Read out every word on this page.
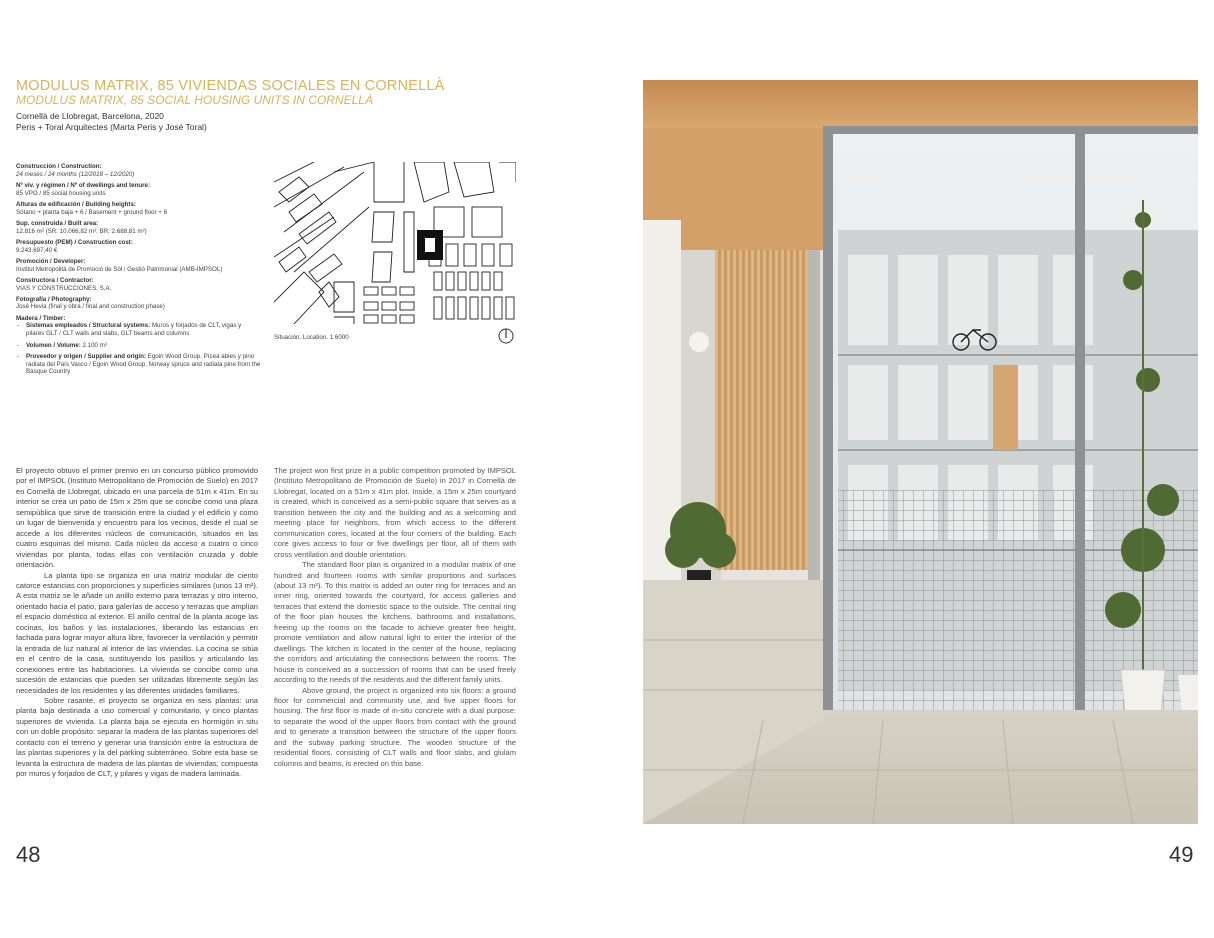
MODULUS MATRIX, 85 VIVIENDAS SOCIALES EN CORNELLÀ
MODULUS MATRIX, 85 SOCIAL HOUSING UNITS IN CORNELLÀ
Cornellà de Llobregat, Barcelona, 2020
Peris + Toral Arquitectes (Marta Peris y José Toral)
Construcción / Construction:
24 meses / 24 months (12/2018 – 12/2020)
Nº viv. y régimen / Nº of dwellings and tenure:
85 VPO / 85 social housing units
Alturas de edificación / Building heights:
Sótano + planta baja + 6 / Basement + ground floor + 6
Sup. construida / Built area:
12.816 m² (SR: 10.066,82 m²; BR: 2.688,81 m²)
Presupuesto (PEM) / Construction cost:
9.243.697,40 €
Promoción / Developer:
Institut Metropolità de Promoció de Sòl i Gestió Patrimonial (AMB-IMPSOL)
Constructora / Contractor:
VIAS Y CONSTRUCCIONES, S.A.
Fotografía / Photography:
José Hevia (final y obra / final and construction phase)
Madera / Timber:
- Sistemas empleados / Structural systems: Muros y forjados de CLT, vigas y pilares GLT / CLT walls and slabs, GLT beams and columns
- Volumen / Volume: 2.100 m³
- Proveedor y origen / Supplier and origin: Egoin Wood Group. Pícea abies y pino radiata del País Vasco / Egoin Wood Group. Norway spruce and radiata pine from the Basque Country
Situación. Location. 1:6000

El proyecto obtuvo el primer premio en un concurso público promovido por el IMPSOL (Instituto Metropolitano de Promoción de Suelo) en 2017 en Cornellà de Llobregat, ubicado en una parcela de 51m x 41m. En su interior se crea un patio de 15m x 25m que se concibe como una plaza semipública que sirve de transición entre la ciudad y el edificio y como un lugar de bienvenida y encuentro para los vecinos, desde el cual se accede a los diferentes núcleos de comunicación, situados en las cuatro esquinas del mismo. Cada núcleo da acceso a cuatro o cinco viviendas por planta, todas ellas con ventilación cruzada y doble orientación.

La planta tipo se organiza en una matriz modular de ciento catorce estancias con proporciones y superficies similares (unos 13 m²). A esta matriz se le añade un anillo externo para terrazas y otro interno, orientado hacia el patio, para galerías de acceso y terrazas que amplían el espacio doméstico al exterior. El anillo central de la planta acoge las cocinas, los baños y las instalaciones, liberando las estancias en fachada para lograr mayor altura libre, favorecer la ventilación y permitir la entrada de luz natural al interior de las viviendas. La cocina se sitúa en el centro de la casa, sustituyendo los pasillos y articulando las conexiones entre las habitaciones. La vivienda se concibe como una sucesión de estancias que pueden ser utilizadas libremente según las necesidades de los residentes y las diferentes unidades familiares.

Sobre rasante, el proyecto se organiza en seis plantas: una planta baja destinada a uso comercial y comunitario, y cinco plantas superiores de vivienda. La planta baja se ejecuta en hormigón in situ con un doble propósito: separar la madera de las plantas superiores del contacto con el terreno y generar una transición entre la estructura de las plantas superiores y la del parking subterráneo. Sobre esta base se levanta la estructura de madera de las plantas de viviendas, compuesta por muros y forjados de CLT, y pilares y vigas de madera laminada.

The project won first prize in a public competition promoted by IMPSOL (Instituto Metropolitano de Promoción de Suelo) in 2017 in Cornellà de Llobregat, located on a 51m x 41m plot. Inside, a 15m x 25m courtyard is created, which is conceived as a semi-public square that serves as a transition between the city and the building and as a welcoming and meeting place for neighbors, from which access to the different communication cores, located at the four corners of the building. Each core gives access to four or five dwellings per floor, all of them with cross ventilation and double orientation.

The standard floor plan is organized in a modular matrix of one hundred and fourteen rooms with similar proportions and surfaces (about 13 m²). To this matrix is added an outer ring for terraces and an inner ring, oriented towards the courtyard, for access galleries and terraces that extend the domestic space to the outside. The central ring of the floor plan houses the kitchens, bathrooms and installations, freeing up the rooms on the facade to achieve greater free height, promote ventilation and allow natural light to enter the interior of the dwellings. The kitchen is located in the center of the house, replacing the corridors and articulating the connections between the rooms. The house is conceived as a succession of rooms that can be used freely according to the needs of the residents and the different family units.

Above ground, the project is organized into six floors: a ground floor for commercial and community use, and five upper floors for housing. The first floor is made of in-situ concrete with a dual purpose: to separate the wood of the upper floors from contact with the ground and to generate a transition between the structure of the upper floors and the subway parking structure. The wooden structure of the residential floors, consisting of CLT walls and floor slabs, and glulam columns and beams, is erected on this base.

48	49
